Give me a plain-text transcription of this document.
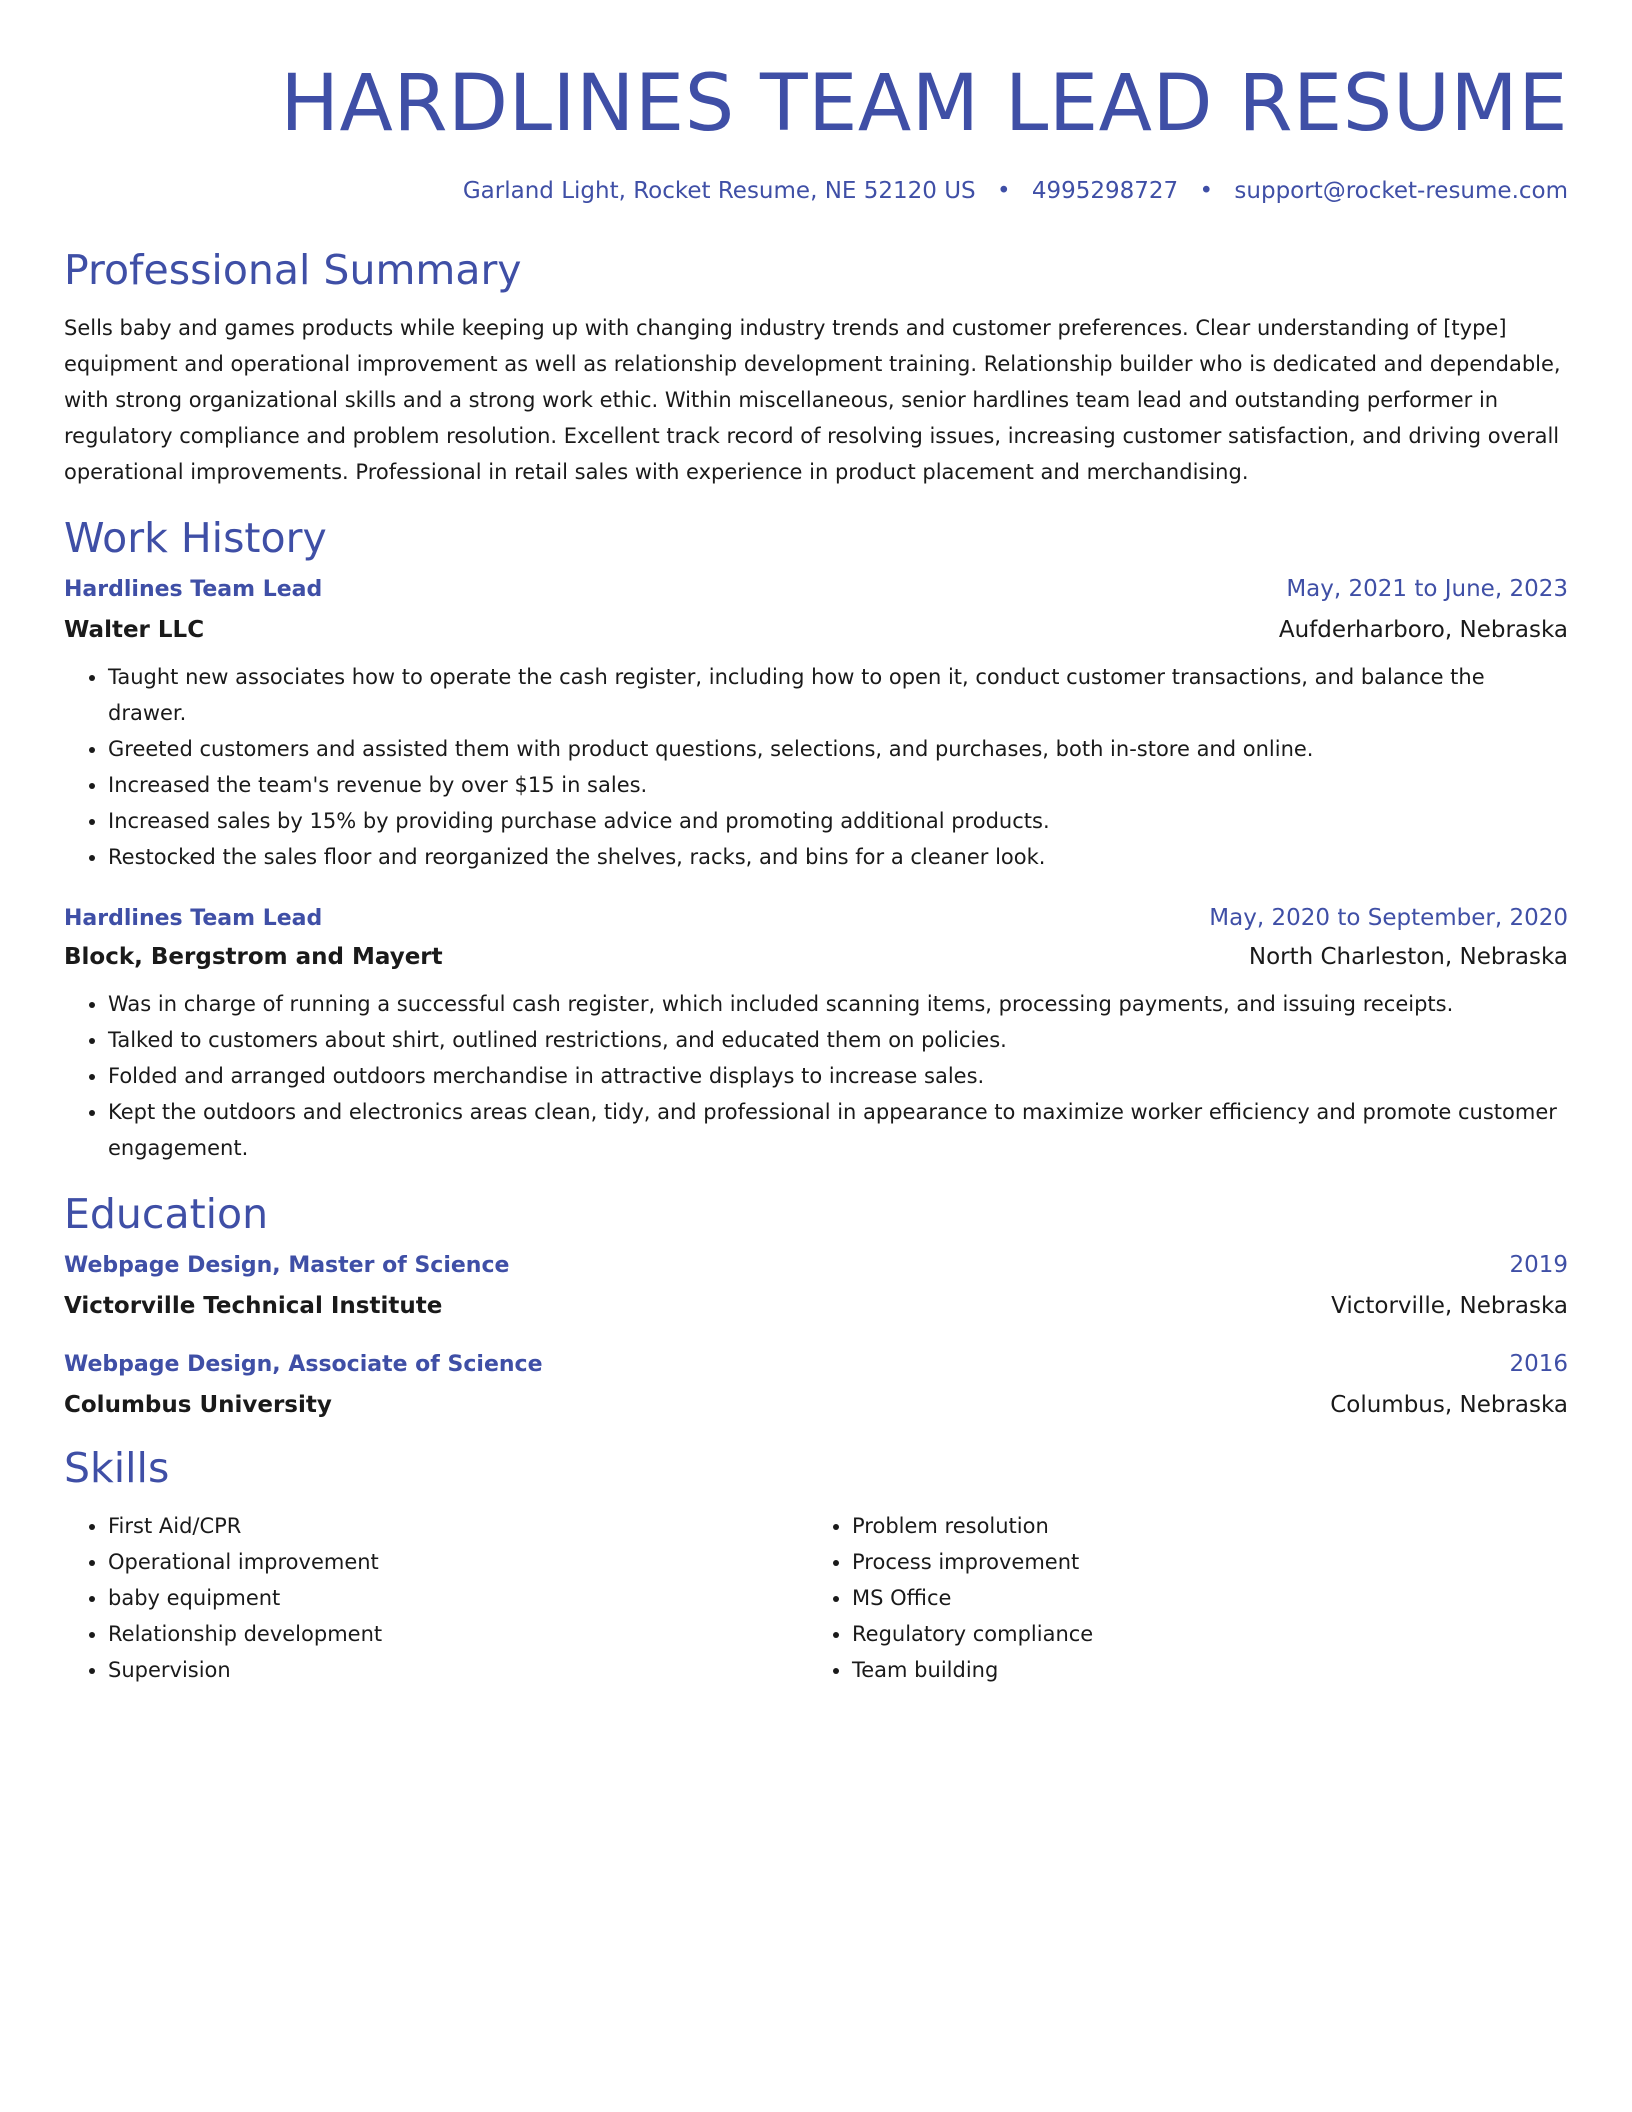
HARDLINES TEAM LEAD RESUME
Garland Light, Rocket Resume, NE 52120 US • 4995298727 • support@rocket-resume.com
Professional Summary

Sells baby and games products while keeping up with changing industry trends and customer preferences. Clear understanding of [type] equipment and operational improvement as well as relationship development training. Relationship builder who is dedicated and dependable, with strong organizational skills and a strong work ethic. Within miscellaneous, senior hardlines team lead and outstanding performer in regulatory compliance and problem resolution. Excellent track record of resolving issues, increasing customer satisfaction, and driving overall operational improvements. Professional in retail sales with experience in product placement and merchandising.

Work History
Hardlines Team Lead	May, 2021 to June, 2023
Walter LLC	Aufderharboro, Nebraska
• Taught new associates how to operate the cash register, including how to open it, conduct customer transactions, and balance the drawer.
• Greeted customers and assisted them with product questions, selections, and purchases, both in-store and online.
• Increased the team's revenue by over $15 in sales.
• Increased sales by 15% by providing purchase advice and promoting additional products.
• Restocked the sales floor and reorganized the shelves, racks, and bins for a cleaner look.
Hardlines Team Lead	May, 2020 to September, 2020
Block, Bergstrom and Mayert	North Charleston, Nebraska
• Was in charge of running a successful cash register, which included scanning items, processing payments, and issuing receipts.
• Talked to customers about shirt, outlined restrictions, and educated them on policies.
• Folded and arranged outdoors merchandise in attractive displays to increase sales.
• Kept the outdoors and electronics areas clean, tidy, and professional in appearance to maximize worker efficiency and promote customer engagement.
Education
Webpage Design, Master of Science	2019
Victorville Technical Institute	Victorville, Nebraska
Webpage Design, Associate of Science	2016
Columbus University	Columbus, Nebraska
Skills
• First Aid/CPR
• Operational improvement
• baby equipment
• Relationship development
• Supervision
• Problem resolution
• Process improvement
• MS Office
• Regulatory compliance
• Team building
